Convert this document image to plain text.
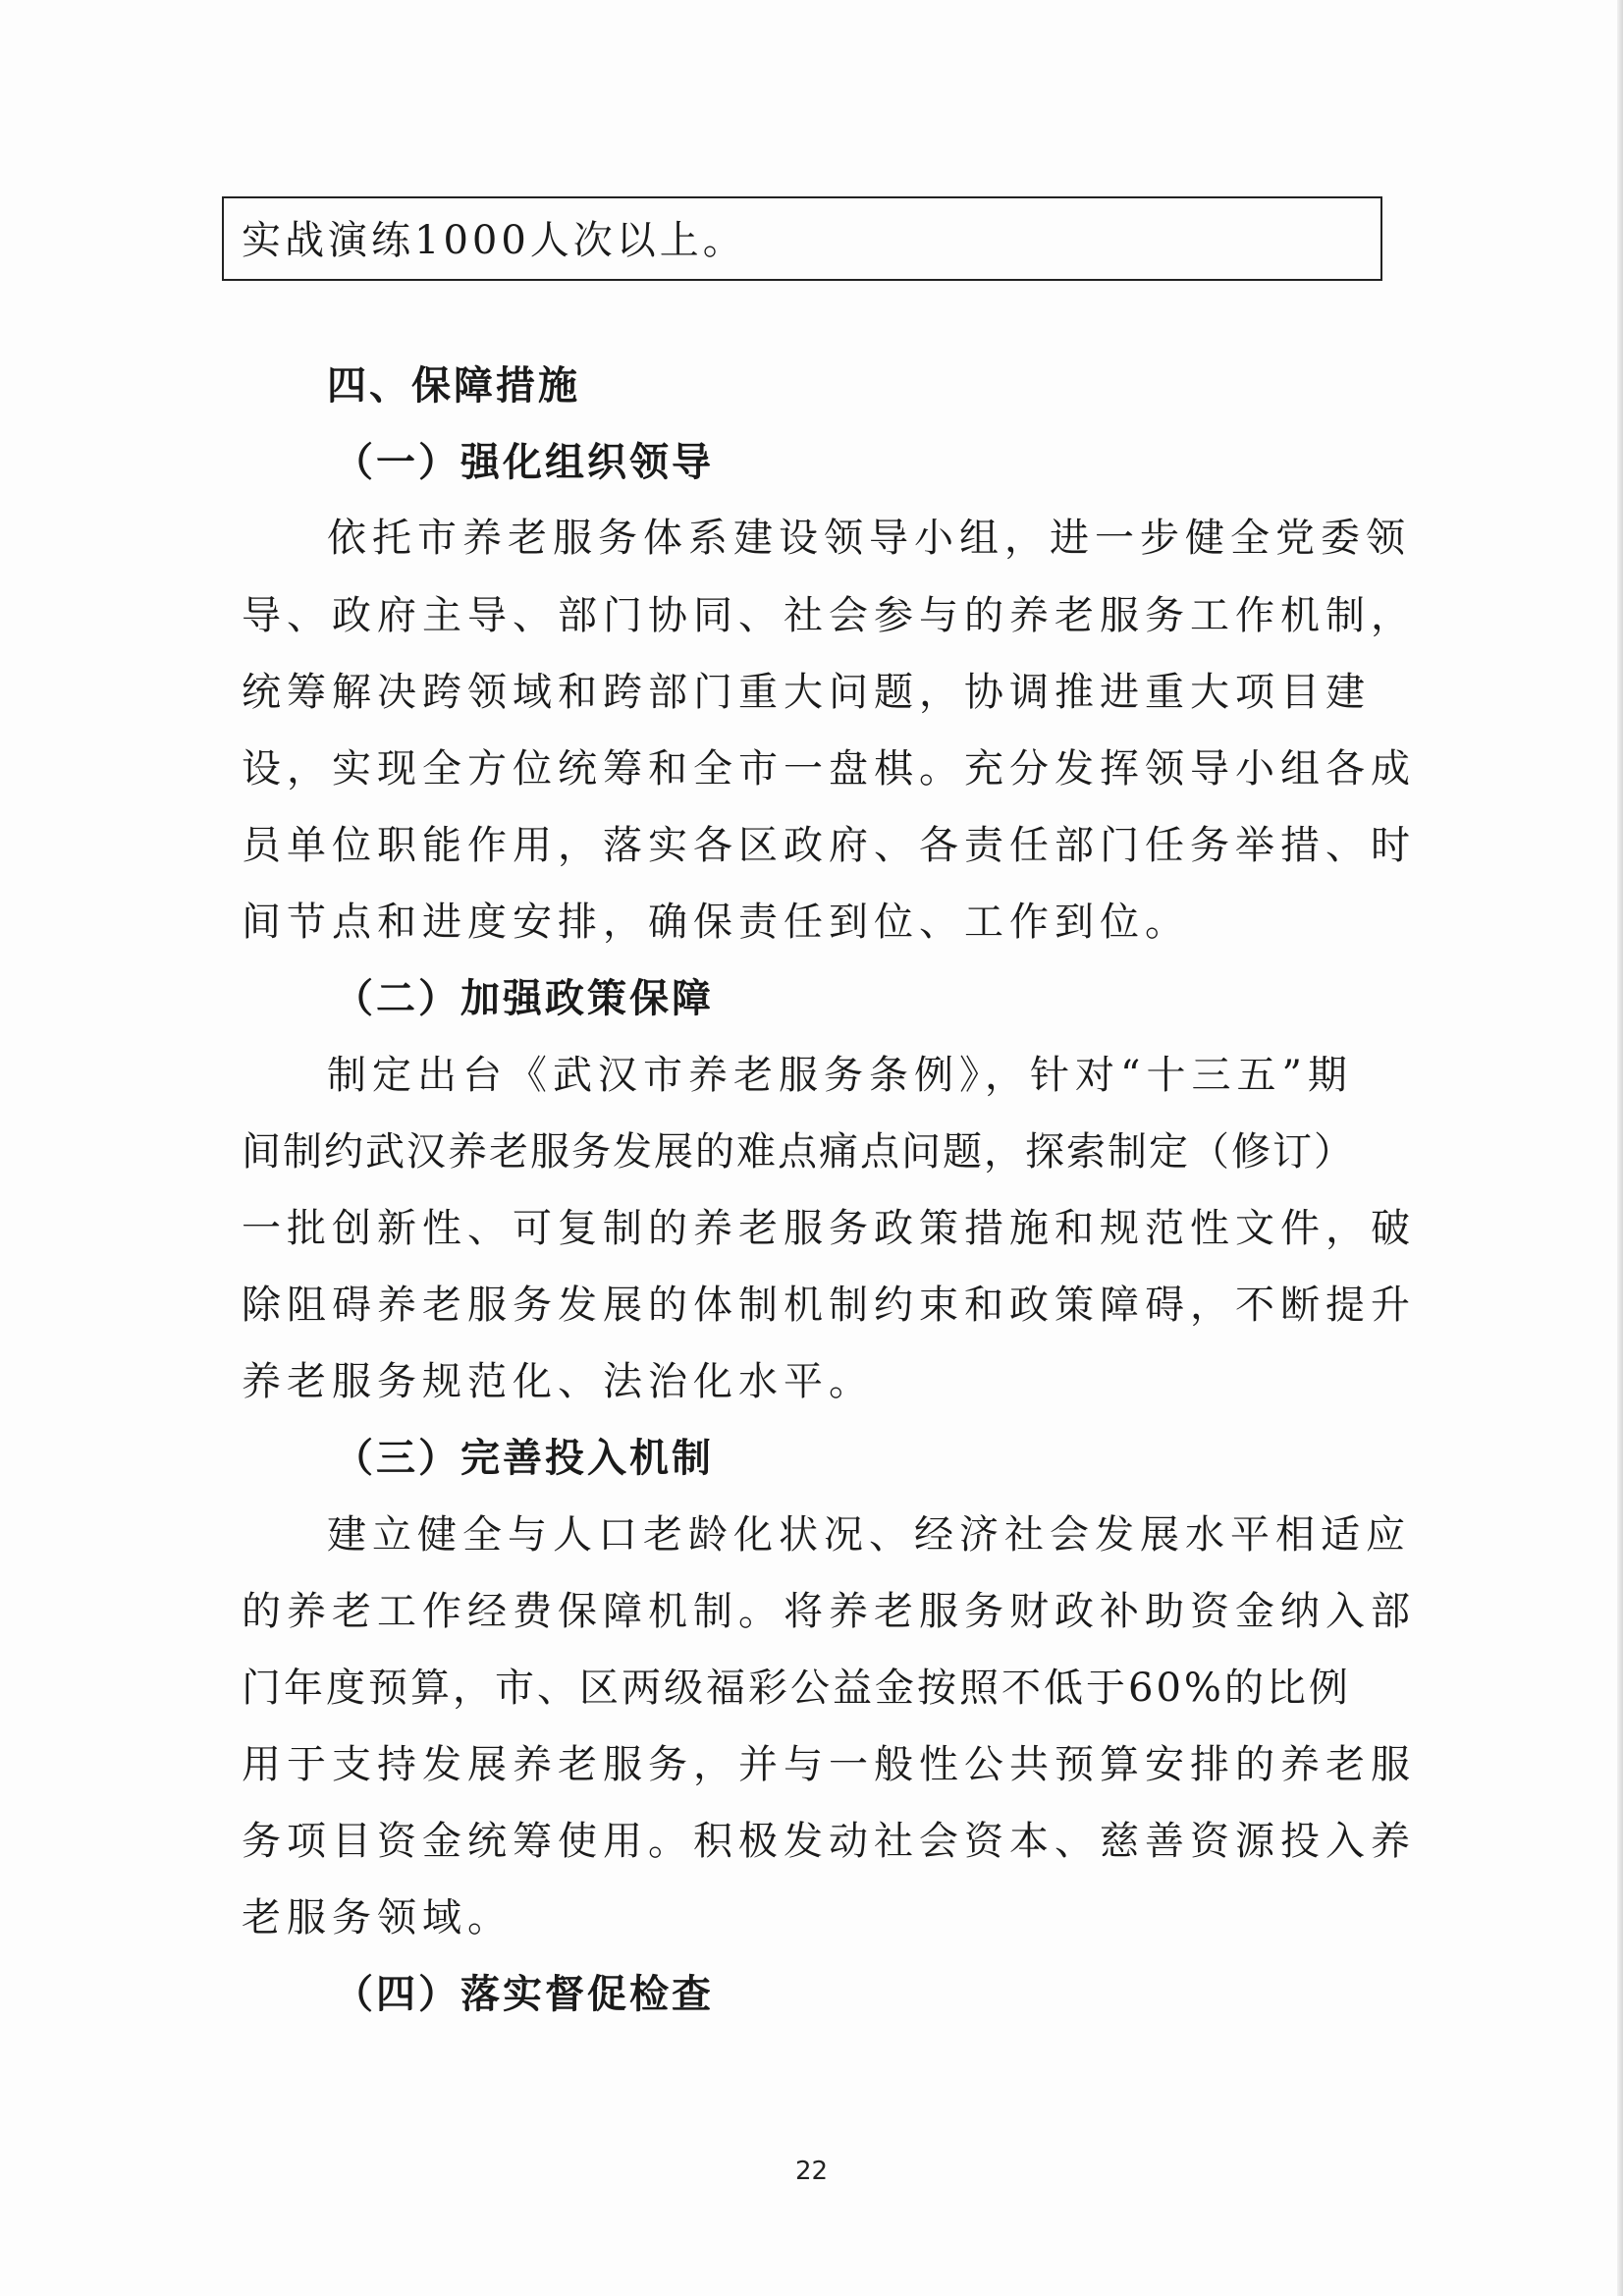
实战演练1000人次以上。
四、保障措施
（一）强化组织领导
依托市养老服务体系建设领导小组，进一步健全党委领
导、政府主导、部门协同、社会参与的养老服务工作机制，
统筹解决跨领域和跨部门重大问题，协调推进重大项目建
设，实现全方位统筹和全市一盘棋。充分发挥领导小组各成
员单位职能作用，落实各区政府、各责任部门任务举措、时
间节点和进度安排，确保责任到位、工作到位。
（二）加强政策保障
制定出台《武汉市养老服务条例》，针对“十三五”期
间制约武汉养老服务发展的难点痛点问题，探索制定（修订）
一批创新性、可复制的养老服务政策措施和规范性文件，破
除阻碍养老服务发展的体制机制约束和政策障碍，不断提升
养老服务规范化、法治化水平。
（三）完善投入机制
建立健全与人口老龄化状况、经济社会发展水平相适应
的养老工作经费保障机制。将养老服务财政补助资金纳入部
门年度预算，市、区两级福彩公益金按照不低于60%的比例
用于支持发展养老服务，并与一般性公共预算安排的养老服
务项目资金统筹使用。积极发动社会资本、慈善资源投入养
老服务领域。
（四）落实督促检查
22
